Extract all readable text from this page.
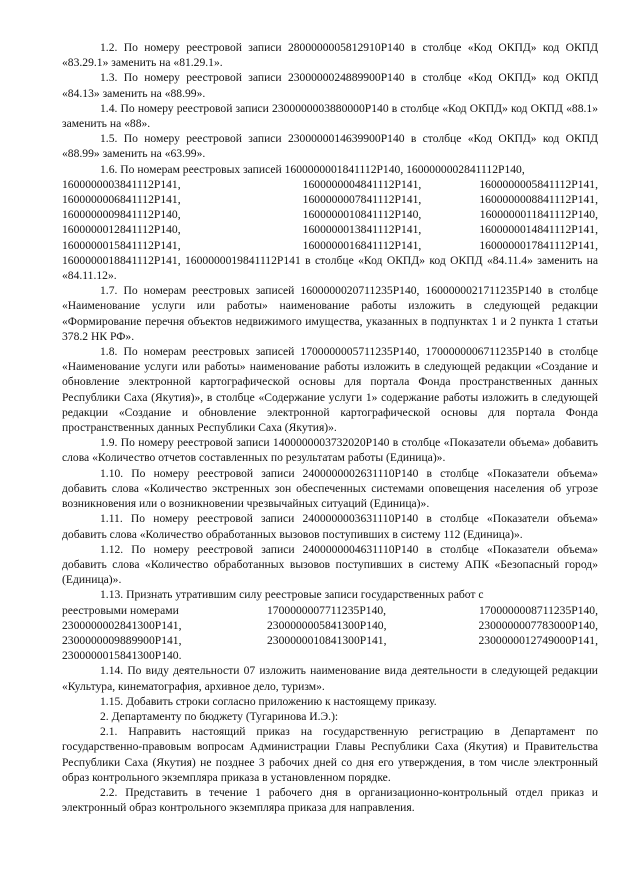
1.2. По номеру реестровой записи 2800000005812910Р140 в столбце «Код ОКПД» код ОКПД «83.29.1» заменить на «81.29.1».

1.3. По номеру реестровой записи 2300000024889900Р140 в столбце «Код ОКПД» код ОКПД «84.13» заменить на «88.99».

1.4. По номеру реестровой записи 2300000003880000Р140 в столбце «Код ОКПД» код ОКПД «88.1» заменить на «88».

1.5. По номеру реестровой записи 2300000014639900Р140 в столбце «Код ОКПД» код ОКПД «88.99» заменить на «63.99».

1.6. По номерам реестровых записей 1600000001841112Р140, 1600000002841112Р140,

1600000003841112Р141,	1600000004841112Р141,	1600000005841112Р141,
1600000006841112Р141,	1600000007841112Р141,	1600000008841112Р141,
1600000009841112Р140,	1600000010841112Р140,	1600000011841112Р140,
1600000012841112Р140,	1600000013841112Р141,	1600000014841112Р141,
1600000015841112Р141,	1600000016841112Р141,	1600000017841112Р141,

1600000018841112Р141, 1600000019841112Р141 в столбце «Код ОКПД» код ОКПД «84.11.4» заменить на «84.11.12».

1.7. По номерам реестровых записей 1600000020711235Р140, 1600000021711235Р140 в столбце «Наименование услуги или работы» наименование работы изложить в следующей редакции «Формирование перечня объектов недвижимого имущества, указанных в подпунктах 1 и 2 пункта 1 статьи 378.2 НК РФ».

1.8. По номерам реестровых записей 1700000005711235Р140, 1700000006711235Р140 в столбце «Наименование услуги или работы» наименование работы изложить в следующей редакции «Создание и обновление электронной картографической основы для портала Фонда пространственных данных Республики Саха (Якутия)», в столбце «Содержание услуги 1» содержание работы изложить в следующей редакции «Создание и обновление электронной картографической основы для портала Фонда пространственных данных Республики Саха (Якутия)».

1.9. По номеру реестровой записи 1400000003732020Р140 в столбце «Показатели объема» добавить слова «Количество отчетов составленных по результатам работы (Единица)».

1.10. По номеру реестровой записи 2400000002631110Р140 в столбце «Показатели объема» добавить слова «Количество экстренных зон обеспеченных системами оповещения населения об угрозе возникновения или о возникновении чрезвычайных ситуаций (Единица)».

1.11. По номеру реестровой записи 2400000003631110Р140 в столбце «Показатели объема» добавить слова «Количество обработанных вызовов поступивших в систему 112 (Единица)».

1.12. По номеру реестровой записи 2400000004631110Р140 в столбце «Показатели объема» добавить слова «Количество обработанных вызовов поступивших в систему АПК «Безопасный город» (Единица)».

1.13. Признать утратившим силу реестровые записи государственных работ с

реестровыми номерами	1700000007711235Р140,	1700000008711235Р140,
2300000002841300Р141,	2300000005841300Р140,	2300000007783000Р140,
2300000009889900Р141,	2300000010841300Р141,	2300000012749000Р141,

2300000015841300Р140.

1.14. По виду деятельности 07 изложить наименование вида деятельности в следующей редакции «Культура, кинематография, архивное дело, туризм».

1.15. Добавить строки согласно приложению к настоящему приказу.

2. Департаменту по бюджету (Тугаринова И.Э.):

2.1. Направить настоящий приказ на государственную регистрацию в Департамент по государственно-правовым вопросам Администрации Главы Республики Саха (Якутия) и Правительства Республики Саха (Якутия) не позднее 3 рабочих дней со дня его утверждения, в том числе электронный образ контрольного экземпляра приказа в установленном порядке.

2.2. Представить в течение 1 рабочего дня в организационно-контрольный отдел приказ и электронный образ контрольного экземпляра приказа для направления.
